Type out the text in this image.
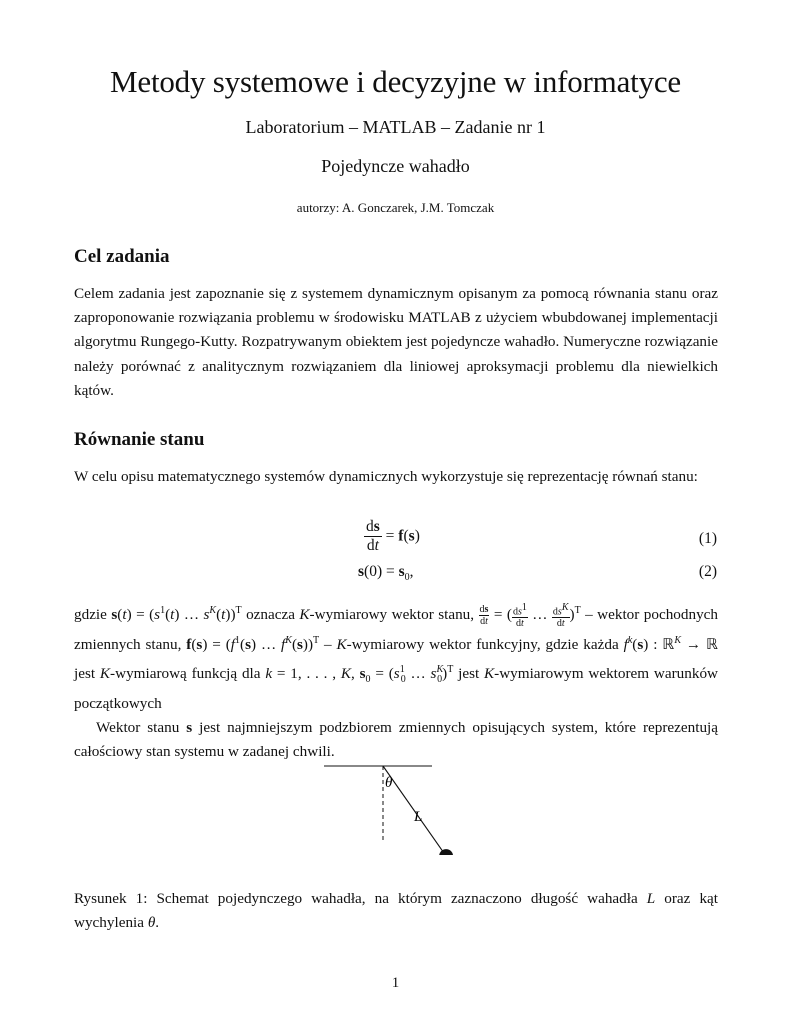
Metody systemowe i decyzyjne w informatyce
Laboratorium – MATLAB – Zadanie nr 1
Pojedyncze wahadło
autorzy: A. Gonczarek, J.M. Tomczak
Cel zadania

Celem zadania jest zapoznanie się z systemem dynamicznym opisanym za pomocą równania stanu oraz zaproponowanie rozwiązania problemu w środowisku MATLAB z użyciem wbubdowanej implementacji algorytmu Rungego-Kutty. Rozpatrywanym obiektem jest pojedyncze wahadło. Numeryczne rozwiązanie należy porównać z analitycznym rozwiązaniem dla liniowej aproksymacji problemu dla niewielkich kątów.

Równanie stanu

W celu opisu matematycznego systemów dynamicznych wykorzystuje się reprezentację równań stanu:

$\frac{ds}{dt} = f(s)$	(1)
$s(0) = s_0$,	(2)

gdzie $s(t) = (s^1(t)$ … $s^K(t))^T$ oznacza K-wymiarowy wektor stanu, $\frac{ds}{dt}$ = ( $\frac{ds^1}{dt}$ … $\frac{ds^K}{dt} )^T$ – wektor pochodnych zmiennych stanu, $f(s) = (f^1(s)$ … $f^K(s))^T$ – K-wymiarowy wektor funkcyjny, gdzie każda $f^k(s)$ : ℝ$^K$ → ℝ jest K-wymiarową funkcją dla k = 1, . . . , K, $s_0 = (s^1_0$ … $s^K_0)^T$ jest K-wymiarowym wektorem warunków początkowych

Wektor stanu s jest najmniejszym podzbiorem zmiennych opisujących system, które reprezentują całościowy stan systemu w zadanej chwili.

θ
L
Rysunek 1: Schemat pojedynczego wahadła, na którym zaznaczono długość wahadła L oraz kąt wychylenia θ.
1
